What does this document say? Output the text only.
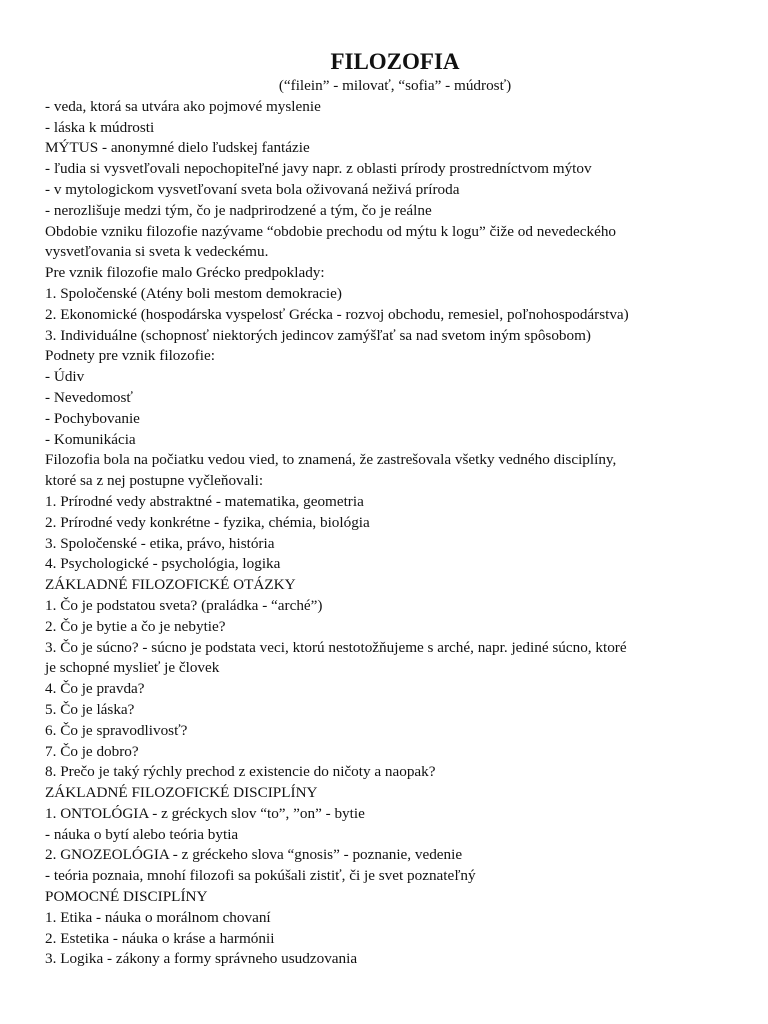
FILOZOFIA

(“filein” - milovať, “sofia” - múdrosť)

- veda, ktorá sa utvára ako pojmové myslenie

- láska k múdrosti

MÝTUS - anonymné dielo ľudskej fantázie

- ľudia si vysvetľovali nepochopiteľné javy napr. z oblasti prírody prostredníctvom mýtov

- v mytologickom vysvetľovaní sveta bola oživovaná neživá príroda

- nerozlišuje medzi tým, čo je nadprirodzené a tým, čo je reálne

Obdobie vzniku filozofie nazývame “obdobie prechodu od mýtu k logu” čiže od nevedeckého

vysvetľovania si sveta k vedeckému.

Pre vznik filozofie malo Grécko predpoklady:

1. Spoločenské (Atény boli mestom demokracie)

2. Ekonomické (hospodárska vyspelosť Grécka - rozvoj obchodu, remesiel, poľnohospodárstva)

3. Individuálne (schopnosť niektorých jedincov zamýšľať sa nad svetom iným spôsobom)

Podnety pre vznik filozofie:

- Údiv

- Nevedomosť

- Pochybovanie

- Komunikácia

Filozofia bola na počiatku vedou vied, to znamená, že zastrešovala všetky vedného disciplíny,

ktoré sa z nej postupne vyčleňovali:

1. Prírodné vedy abstraktné - matematika, geometria

2. Prírodné vedy konkrétne - fyzika, chémia, biológia

3. Spoločenské - etika, právo, história

4. Psychologické - psychológia, logika

ZÁKLADNÉ FILOZOFICKÉ OTÁZKY

1. Čo je podstatou sveta? (praládka - “arché”)

2. Čo je bytie a čo je nebytie?

3. Čo je súcno? - súcno je podstata veci, ktorú nestotožňujeme s arché, napr. jediné súcno, ktoré

je schopné myslieť je človek

4. Čo je pravda?

5. Čo je láska?

6. Čo je spravodlivosť?

7. Čo je dobro?

8. Prečo je taký rýchly prechod z existencie do ničoty a naopak?

ZÁKLADNÉ FILOZOFICKÉ DISCIPLÍNY

1. ONTOLÓGIA - z gréckych slov “to”, ”on” - bytie

- náuka o bytí alebo teória bytia

2. GNOZEOLÓGIA - z gréckeho slova “gnosis” - poznanie, vedenie

- teória poznaia, mnohí filozofi sa pokúšali zistiť, či je svet poznateľný

POMOCNÉ DISCIPLÍNY

1. Etika - náuka o morálnom chovaní

2. Estetika - náuka o kráse a harmónii

3. Logika - zákony a formy správneho usudzovania
